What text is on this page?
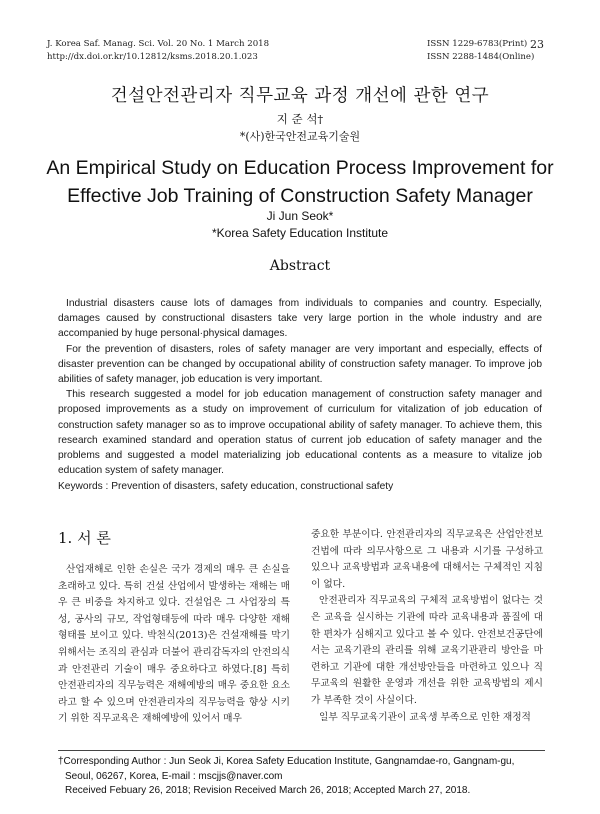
J. Korea Saf. Manag. Sci. Vol. 20 No. 1 March 2018
http://dx.doi.or.kr/10.12812/ksms.2018.20.1.023
ISSN 1229-6783(Print)
ISSN 2288-1484(Online)
23
건설안전관리자 직무교육 과정 개선에 관한 연구
지 준 석†
*(사)한국안전교육기술원
An Empirical Study on Education Process Improvement for
Effective Job Training of Construction Safety Manager
Ji Jun Seok*
*Korea Safety Education Institute
Abstract

Industrial disasters cause lots of damages from individuals to companies and country. Especially, damages caused by constructional disasters take very large portion in the whole industry and are accompanied by huge personal·physical damages.

For the prevention of disasters, roles of safety manager are very important and especially, effects of disaster prevention can be changed by occupational ability of construction safety manager. To improve job abilities of safety manager, job education is very important.

This research suggested a model for job education management of construction safety manager and proposed improvements as a study on improvement of curriculum for vitalization of job education of construction safety manager so as to improve occupational ability of safety manager. To achieve them, this research examined standard and operation status of current job education of safety manager and the problems and suggested a model materializing job educational contents as a measure to vitalize job education system of safety manager.

Keywords : Prevention of disasters, safety education, constructional safety

1. 서 론

산업재해로 인한 손실은 국가 경제의 매우 큰 손실을 초래하고 있다. 특히 건설 산업에서 발생하는 재해는 매우 큰 비중을 차지하고 있다. 건설업은 그 사업장의 특성, 공사의 규모, 작업형태등에 따라 매우 다양한 재해형태를 보이고 있다. 박천식(2013)은 건설재해를 막기 위해서는 조직의 관심과 더불어 관리감독자의 안전의식과 안전관리 기술이 매우 중요하다고 하였다.[8] 특히 안전관리자의 직무능력은 재해예방의 매우 중요한 요소라고 할 수 있으며 안전관리자의 직무능력을 향상 시키기 위한 직무교육은 재해예방에 있어서 매우

중요한 부분이다. 안전관리자의 직무교육은 산업안전보건법에 따라 의무사항으로 그 내용과 시기를 구성하고 있으나 교육방법과 교육내용에 대해서는 구체적인 지침이 없다.

안전관리자 직무교육의 구체적 교육방법이 없다는 것은 교육을 실시하는 기관에 따라 교육내용과 품질에 대한 편차가 심해지고 있다고 볼 수 있다. 안전보건공단에서는 교육기관의 관리를 위해 교육기관관리 방안을 마련하고 기관에 대한 개선방안들을 마련하고 있으나 직무교육의 원활한 운영과 개선을 위한 교육방법의 제시가 부족한 것이 사실이다.

일부 직무교육기관이 교육생 부족으로 인한 재정적

†Corresponding Author : Jun Seok Ji, Korea Safety Education Institute, Gangnamdae-ro, Gangnam-gu,
Seoul, 06267, Korea, E-mail : mscjjs@naver.com
Received Febuary 26, 2018; Revision Received March 26, 2018; Accepted March 27, 2018.
